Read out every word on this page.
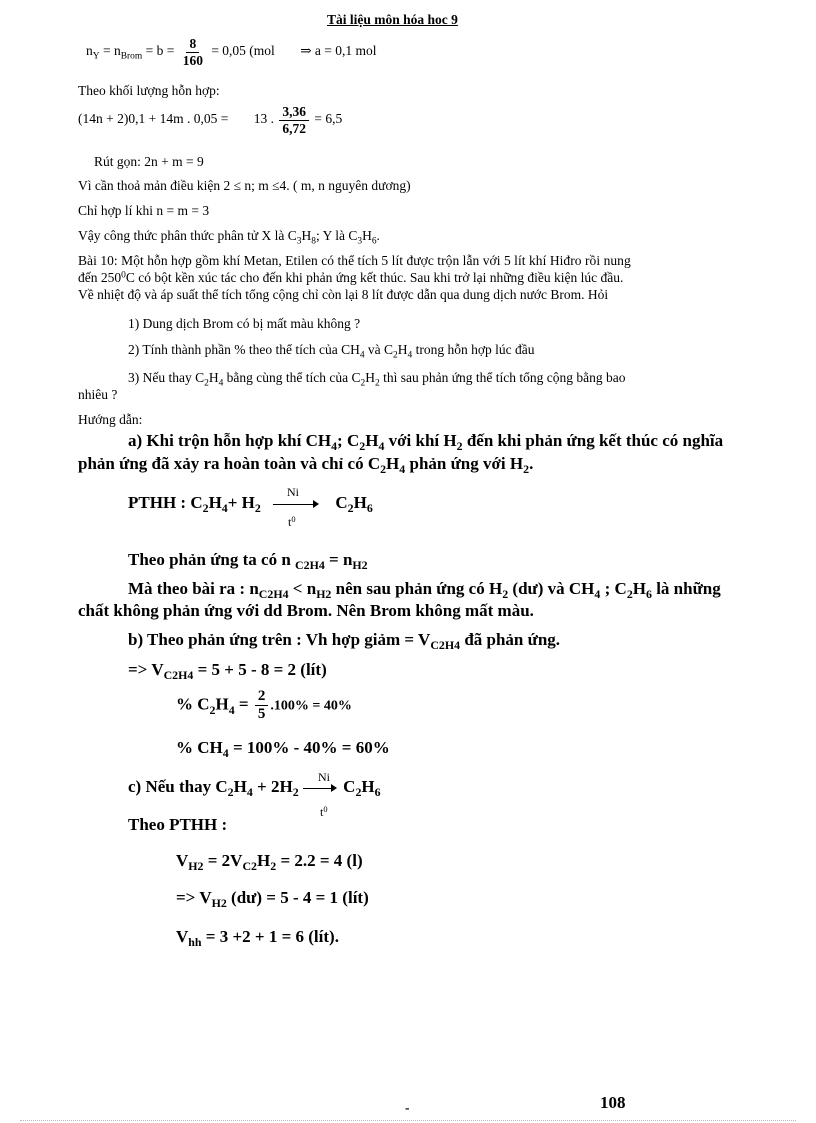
Tài liệu môn hóa hoc 9
$n_Y = n_{Brom} = b = \frac{8}{160} = 0,05$ (mol ⇒ a = 0,1 mol
Theo khối lượng hỗn hợp:
(14n + 2)0,1 + 14m . 0,05 = 13 . $\frac{3,36}{6,72} = 6,5$
Rút gọn: 2n + m = 9
Vì cần thoả mản điều kiện 2 ≤ n; m ≤4. ( m, n nguyên dương)
Chỉ hợp lí khi n = m = 3
Vậy công thức phân thức phân tử X là $C_3H_8$; Y là $C_3H_6$.
Bài 10: Một hỗn hợp gồm khí Metan, Etilen có thể tích 5 lít được trộn lẫn với 5 lít khí Hiđro rồi nung
đến $250^0C$ có bột kền xúc tác cho đến khi phản ứng kết thúc. Sau khi trở lại những điều kiện lúc đầu.
Về nhiệt độ và áp suất thể tích tổng cộng chỉ còn lại 8 lít được dẫn qua dung dịch nước Brom. Hỏi
1) Dung dịch Brom có bị mất màu không ?
2) Tính thành phần % theo thể tích của $CH_4$ và $C_2H_4$ trong hỗn hợp lúc đầu
3) Nếu thay $C_2H_4$ bằng cùng thể tích của $C_2H_2$ thì sau phản ứng thể tích tổng cộng bằng bao
nhiêu ?
Hướng dẫn:
a) Khi trộn hỗn hợp khí $CH_4$; $C_2H_4$ với khí $H_2$ đến khi phản ứng kết thúc có nghĩa
phản ứng đã xảy ra hoàn toàn và chỉ có $C_2H_4$ phản ứng với $H_2$.
PTHH : $C_2H_4+ H_2$	$C_2H_6$
Ni
$t^0$
Theo phản ứng ta có n $_{C2H4} = n_{H2}$
Mà theo bài ra : $n_{C2H4} < n_{H2}$ nên sau phản ứng có $H_2$ (dư) và $CH_4$ ; $C_2H_6$ là những
chất không phản ứng với dd Brom. Nên Brom không mất màu.
b) Theo phản ứng trên : Vh hợp giảm = $V_{C2H4}$ đã phản ứng.
=> $V_{C2H4} = 5 + 5 - 8 = 2$ (lít)
% $C_2H_4 = \frac{2}{5} .100\% = 40\%$
% $CH_4 = 100\% - 40\% = 60\%$
c) Nếu thay $C_2H_4 + 2H_2$	$C_2H_6$
Ni
$t^0$
Theo PTHH :
$V_{H2} = 2V_{C2}H_2 = 2.2 = 4$ (l)
=> $V_{H2}$ (dư) = 5 - 4 = 1 (lít)
$V_{hh} = 3 +2 + 1 = 6$ (lít).
108
-
